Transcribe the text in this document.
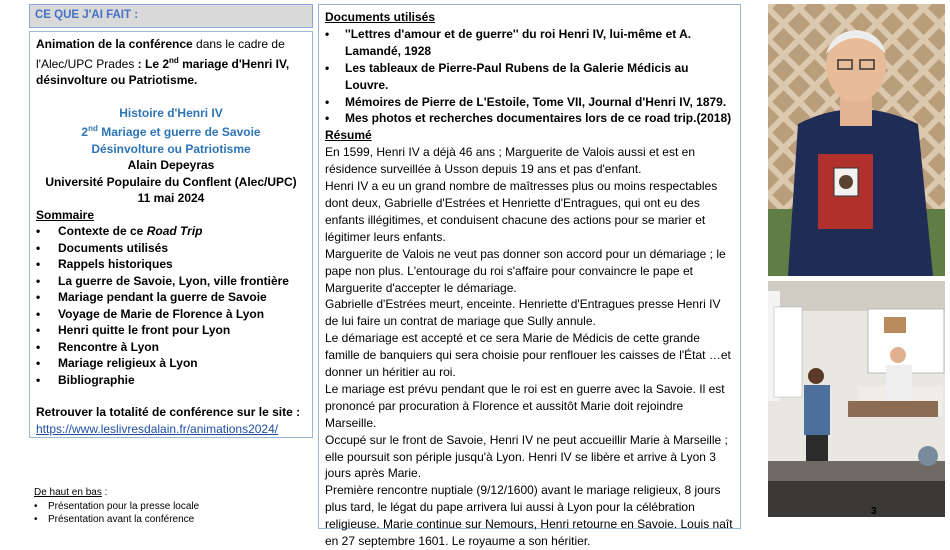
CE QUE J'AI FAIT :
Animation de la conférence dans le cadre de l'Alec/UPC Prades : Le 2nd mariage d'Henri IV, désinvolture ou Patriotisme.
Histoire d'Henri IV
2nd Mariage et guerre de Savoie
Désinvolture ou Patriotisme
Alain Depeyras
Université Populaire du Conflent (Alec/UPC)
11 mai 2024
Sommaire
• Contexte de ce Road Trip
• Documents utilisés
• Rappels historiques
• La guerre de Savoie, Lyon, ville frontière
• Mariage pendant la guerre de Savoie
• Voyage de Marie de Florence à Lyon
• Henri quitte le front pour Lyon
• Rencontre à Lyon
• Mariage religieux à Lyon
• Bibliographie
Retrouver la totalité de conférence sur le site :
https://www.leslivresdalain.fr/animations2024/
De haut en bas :
• Présentation pour la presse locale
• Présentation avant la conférence
Documents utilisés
• ''Lettres d'amour et de guerre'' du roi Henri IV, lui-même et A. Lamandé, 1928
• Les tableaux de Pierre-Paul Rubens de la Galerie Médicis au Louvre.
• Mémoires de Pierre de L'Estoile, Tome VII, Journal d'Henri IV, 1879.
• Mes photos et recherches documentaires lors de ce road trip.(2018)
Résumé
En 1599, Henri IV a déjà 46 ans ; Marguerite de Valois aussi et est en résidence surveillée à Usson depuis 19 ans et pas d'enfant.
Henri IV a eu un grand nombre de maîtresses plus ou moins respectables dont deux, Gabrielle d'Estrées et Henriette d'Entragues, qui ont eu des enfants illégitimes, et conduisent chacune des actions pour se marier et légitimer leurs enfants.
Marguerite de Valois ne veut pas donner son accord pour un démariage ; le pape non plus. L'entourage du roi s'affaire pour convaincre le pape et Marguerite d'accepter le démariage.
Gabrielle d'Estrées meurt, enceinte. Henriette d'Entragues presse Henri IV de lui faire un contrat de mariage que Sully annule.
Le démariage est accepté et ce sera Marie de Médicis de cette grande famille de banquiers qui sera choisie pour renflouer les caisses de l'État …et donner un héritier au roi.
Le mariage est prévu pendant que le roi est en guerre avec la Savoie. Il est prononcé par procuration à Florence et aussitôt Marie doit rejoindre Marseille.
Occupé sur le front de Savoie, Henri IV ne peut accueillir Marie à Marseille ; elle poursuit son périple jusqu'à Lyon. Henri IV se libère et arrive à Lyon 3 jours après Marie.
Première rencontre nuptiale (9/12/1600) avant le mariage religieux, 8 jours plus tard, le légat du pape arrivera lui aussi à Lyon pour la célébration religieuse. Marie continue sur Nemours, Henri retourne en Savoie. Louis naît en 27 septembre 1601. Le royaume a son héritier.
3
